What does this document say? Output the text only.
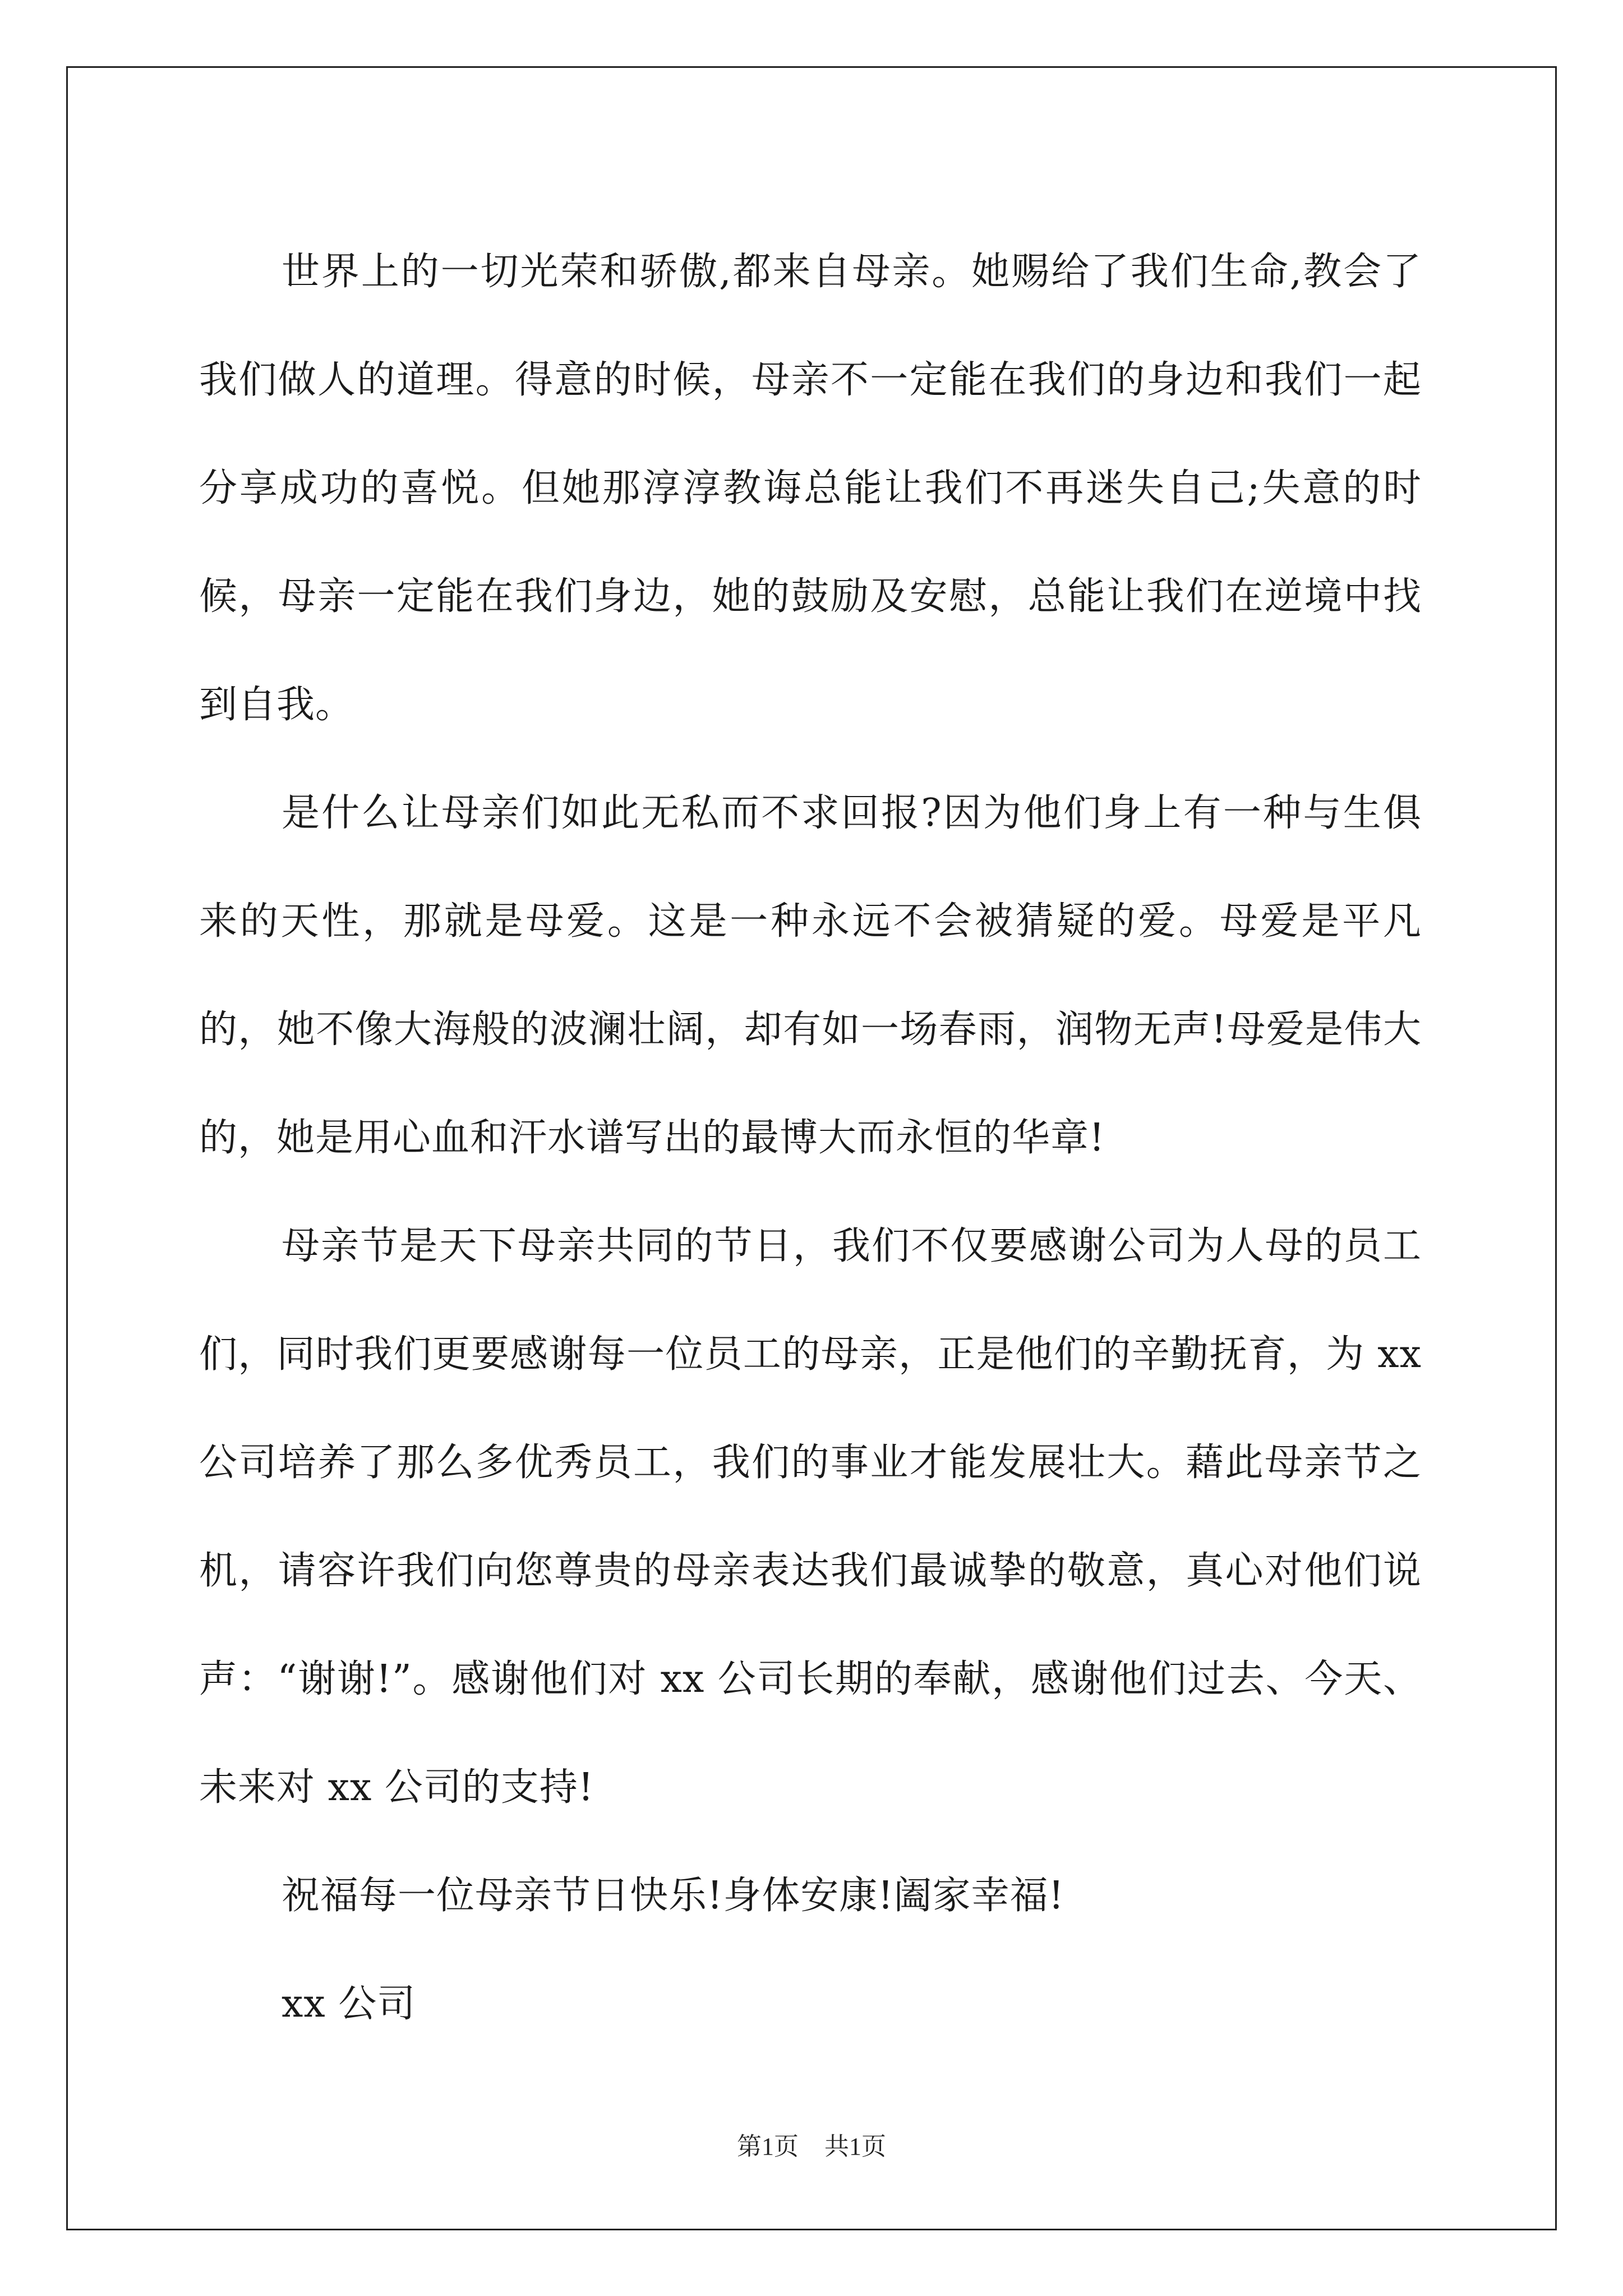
世界上的一切光荣和骄傲,都来自母亲。她赐给了我们生命,教会了我们做人的道理。得意的时候，母亲不一定能在我们的身边和我们一起分享成功的喜悦。但她那淳淳教诲总能让我们不再迷失自己;失意的时候，母亲一定能在我们身边，她的鼓励及安慰，总能让我们在逆境中找到自我。

是什么让母亲们如此无私而不求回报?因为他们身上有一种与生俱来的天性，那就是母爱。这是一种永远不会被猜疑的爱。母爱是平凡的，她不像大海般的波澜壮阔，却有如一场春雨，润物无声!母爱是伟大的，她是用心血和汗水谱写出的最博大而永恒的华章!

母亲节是天下母亲共同的节日，我们不仅要感谢公司为人母的员工们，同时我们更要感谢每一位员工的母亲，正是他们的辛勤抚育，为 xx 公司培养了那么多优秀员工，我们的事业才能发展壮大。藉此母亲节之机，请容许我们向您尊贵的母亲表达我们最诚挚的敬意，真心对他们说声：“谢谢!”。感谢他们对 xx 公司长期的奉献，感谢他们过去、今天、未来对 xx 公司的支持!

祝福每一位母亲节日快乐!身体安康!阖家幸福!

xx 公司

第1页 共1页
